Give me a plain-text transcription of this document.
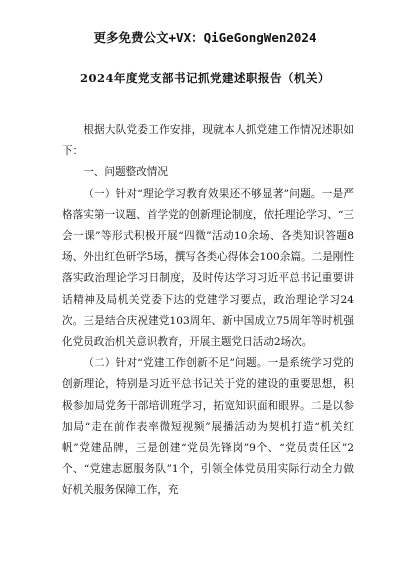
更多免费公文+VX：QiGeGongWen2024
2024年度党支部书记抓党建述职报告（机关）

根据大队党委工作安排，现就本人抓党建工作情况述职如下：

一、问题整改情况

（一）针对“理论学习教育效果还不够显著”问题。一是严格落实第一议题、首学党的创新理论制度，依托理论学习、“三会一课”等形式积极开展“四微”活动10余场、各类知识答题8场、外出红色研学5场，撰写各类心得体会100余篇。二是刚性落实政治理论学习日制度，及时传达学习习近平总书记重要讲话精神及局机关党委下达的党建学习要点，政治理论学习24次。三是结合庆祝建党103周年、新中国成立75周年等时机强化党员政治机关意识教育，开展主题党日活动2场次。

（二）针对“党建工作创新不足”问题。一是系统学习党的创新理论，特别是习近平总书记关于党的建设的重要思想，积极参加局党务干部培训班学习，拓宽知识面和眼界。二是以参加局“走在前作表率微短视频”展播活动为契机打造“机关红帆”党建品牌，三是创建“党员先锋岗”9个、“党员责任区”2个、“党建志愿服务队”1个，引领全体党员用实际行动全力做好机关服务保障工作，充
